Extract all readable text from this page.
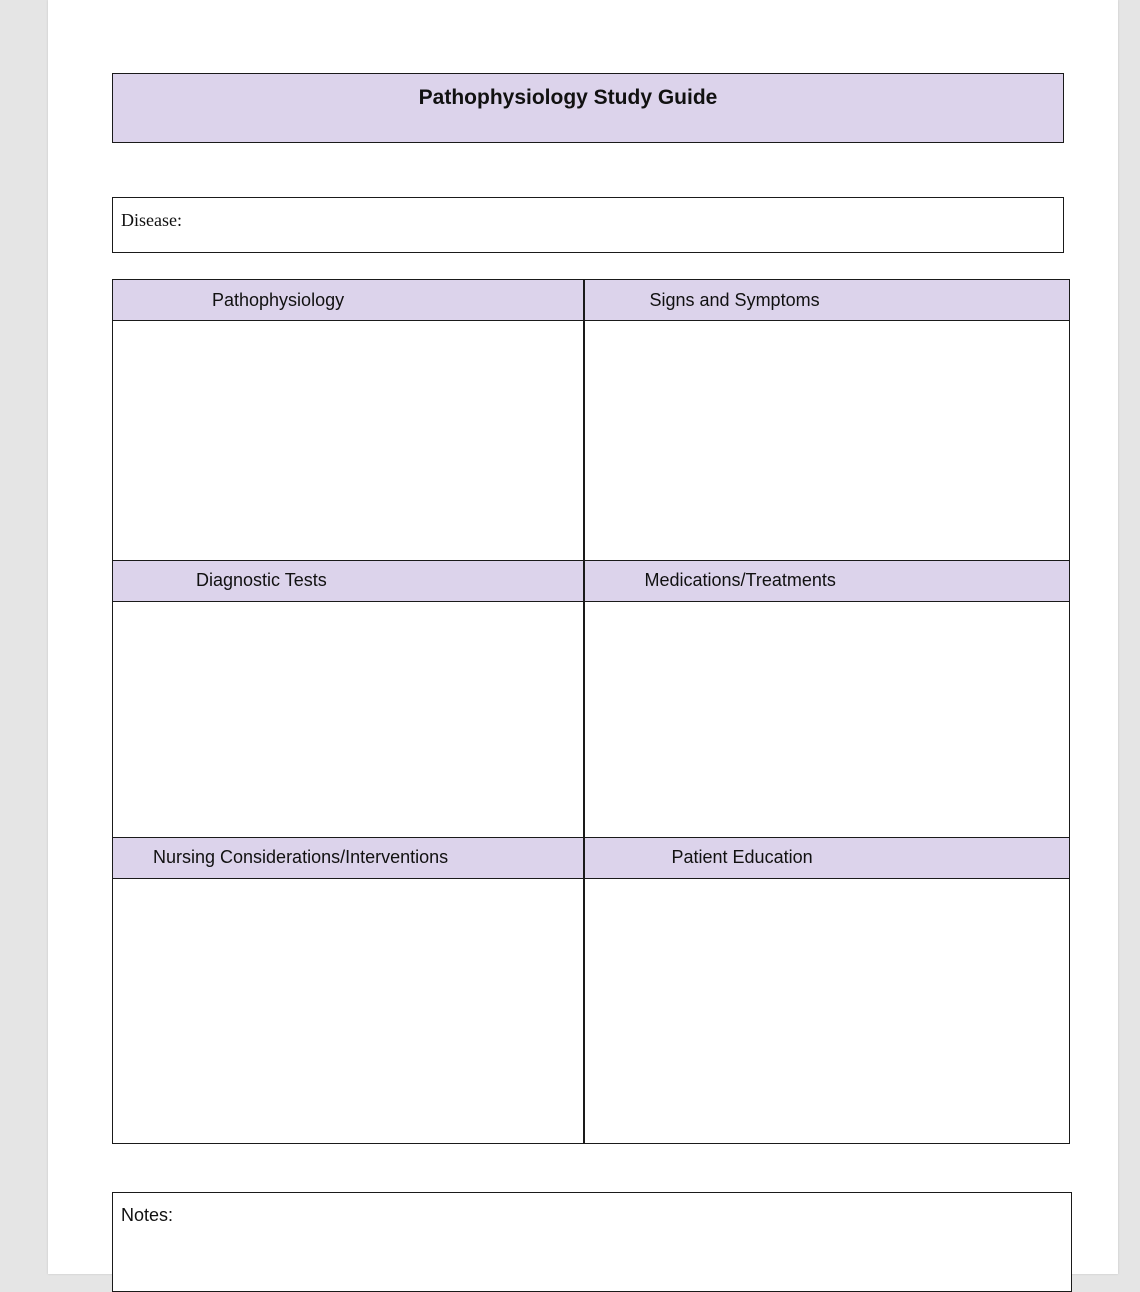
Pathophysiology Study Guide
Disease:
Pathophysiology	Signs and Symptoms
Diagnostic Tests	Medications/Treatments
Nursing Considerations/Interventions	Patient Education
Notes:
